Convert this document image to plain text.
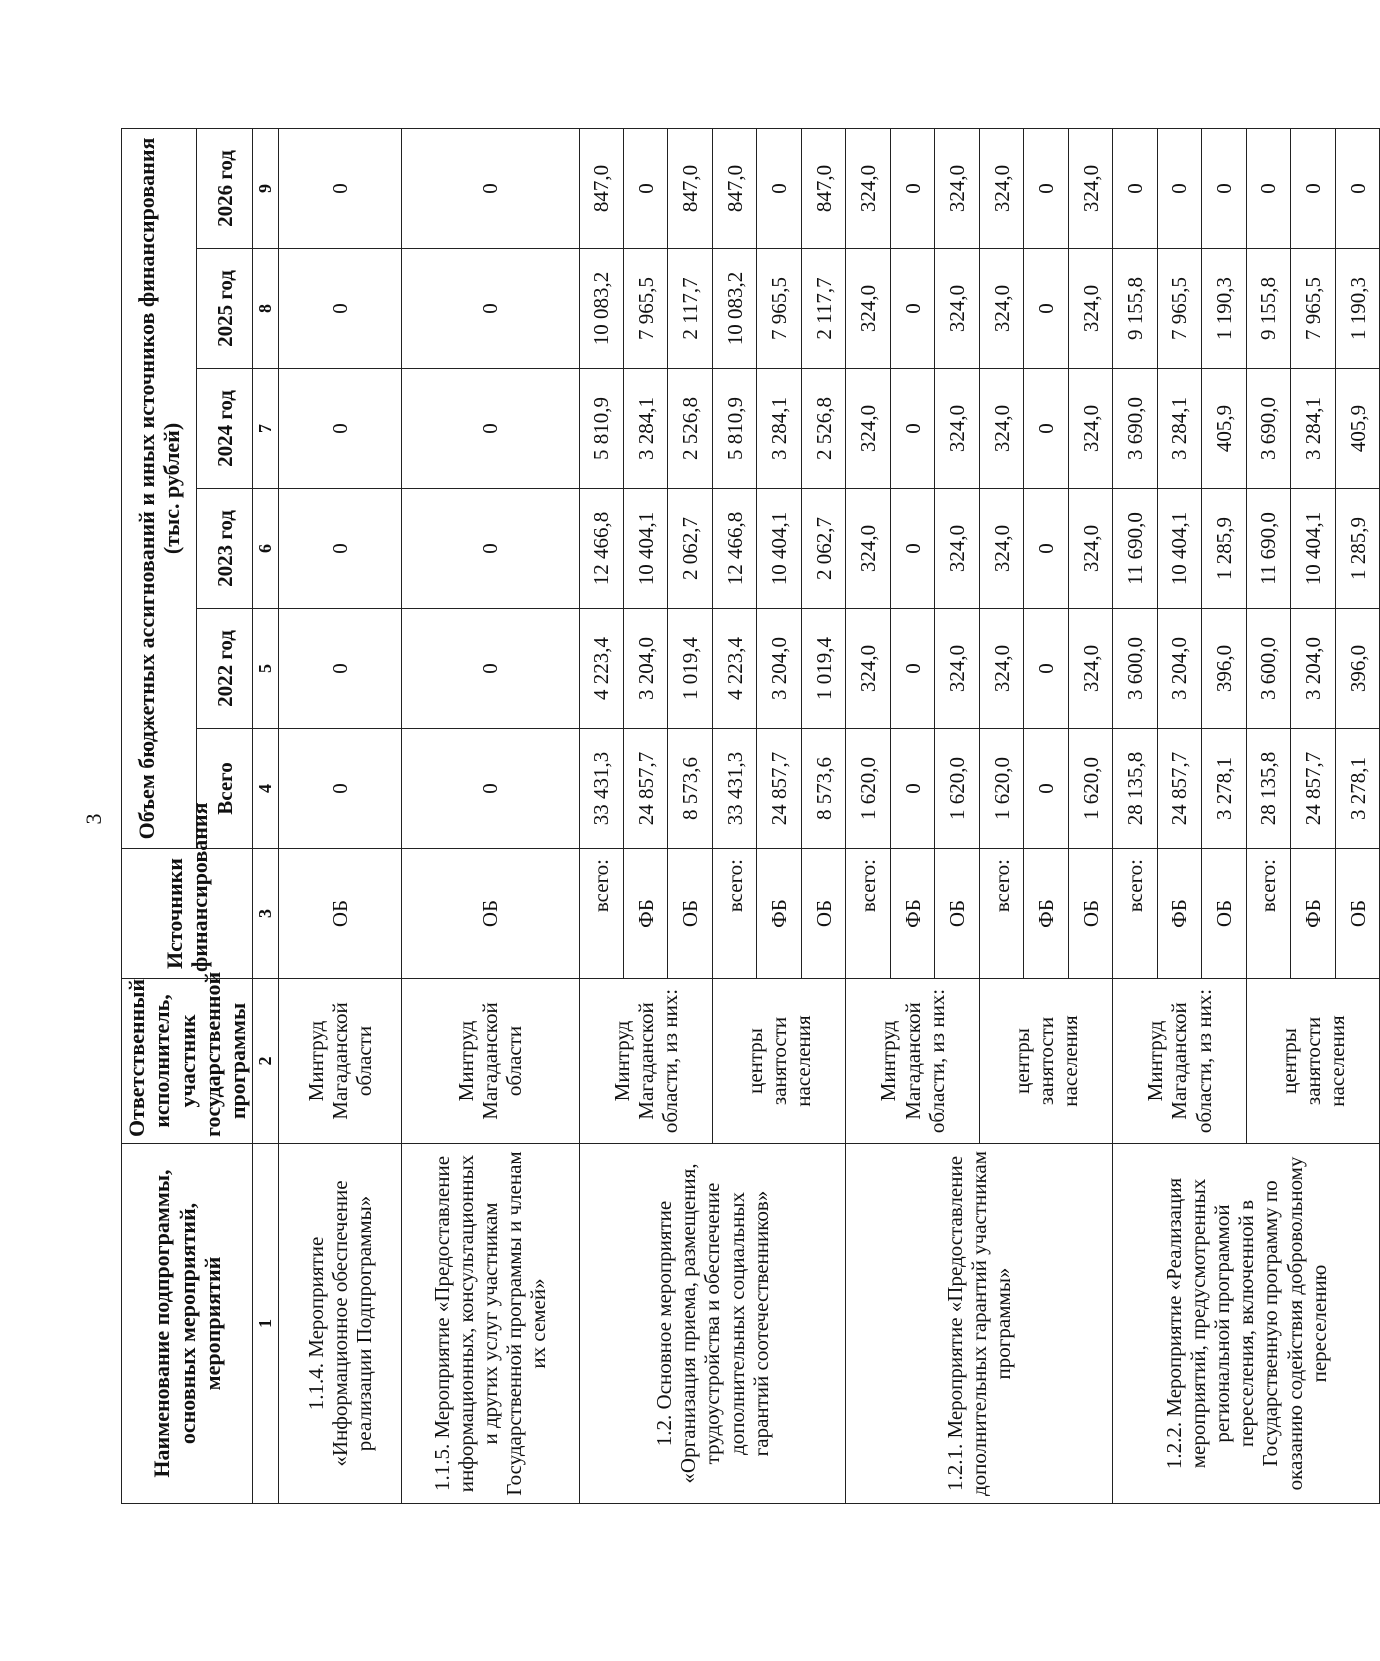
3
Наименование подпрограммы, основных мероприятий, мероприятий	Ответственный исполнитель, участник государственной программы	Источники финансирования	Объем бюджетных ассигнований и иных источников финансирования (тыс. рублей)					
			Всего	2022 год	2023 год	2024 год	2025 год	2026 год
1	2	3	4	5	6	7	8	9
1.1.4. Мероприятие «Информационное обеспечение реализации Подпрограммы»	Минтруд Магаданской области	ОБ	0	0	0	0	0	0
1.1.5. Мероприятие «Предоставление информационных, консультационных и других услуг участникам Государственной программы и членам их семей»	Минтруд Магаданской области	ОБ	0	0	0	0	0	0
1.2. Основное мероприятие «Организация приема, размещения, трудоустройства и обеспечение дополнительных социальных гарантий соотечественников»	Минтруд Магаданской области, из них:	всего:	33 431,3	4 223,4	12 466,8	5 810,9	10 083,2	847,0
		ФБ	24 857,7	3 204,0	10 404,1	3 284,1	7 965,5	0
		ОБ	8 573,6	1 019,4	2 062,7	2 526,8	2 117,7	847,0
	центры занятости населения	всего:	33 431,3	4 223,4	12 466,8	5 810,9	10 083,2	847,0
		ФБ	24 857,7	3 204,0	10 404,1	3 284,1	7 965,5	0
		ОБ	8 573,6	1 019,4	2 062,7	2 526,8	2 117,7	847,0
1.2.1. Мероприятие «Предоставление дополнительных гарантий участникам программы»	Минтруд Магаданской области, из них:	всего:	1 620,0	324,0	324,0	324,0	324,0	324,0
		ФБ	0	0	0	0	0	0
		ОБ	1 620,0	324,0	324,0	324,0	324,0	324,0
	центры занятости населения	всего:	1 620,0	324,0	324,0	324,0	324,0	324,0
		ФБ	0	0	0	0	0	0
		ОБ	1 620,0	324,0	324,0	324,0	324,0	324,0
1.2.2. Мероприятие «Реализация мероприятий, предусмотренных региональной программой переселения, включенной в Государственную программу по оказанию содействия добровольному переселению	Минтруд Магаданской области, из них:	всего:	28 135,8	3 600,0	11 690,0	3 690,0	9 155,8	0
		ФБ	24 857,7	3 204,0	10 404,1	3 284,1	7 965,5	0
		ОБ	3 278,1	396,0	1 285,9	405,9	1 190,3	0
	центры занятости населения	всего:	28 135,8	3 600,0	11 690,0	3 690,0	9 155,8	0
		ФБ	24 857,7	3 204,0	10 404,1	3 284,1	7 965,5	0
		ОБ	3 278,1	396,0	1 285,9	405,9	1 190,3	0
